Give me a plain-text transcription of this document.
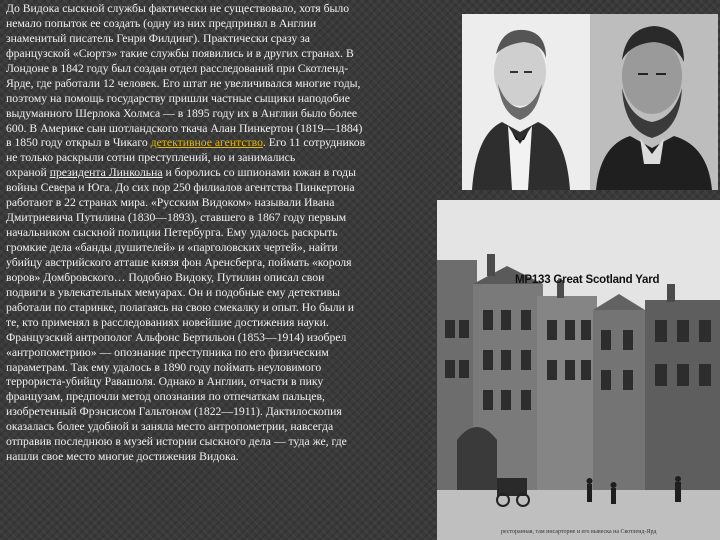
MP133 Great Scotland Yard
ресторанная, там инсарторне и его вывеска на Скотленд-Ярд
До Видока сыскной службы фактически не существовало, хотя было
немало попыток ее создать (одну из них предпринял в Англии
знаменитый писатель Генри Филдинг). Практически сразу за
французской «Сюртэ» такие службы появились и в других странах. В
Лондоне в 1842 году был создан отдел расследований при Скотленд-
Ярде, где работали 12 человек. Его штат не увеличивался многие годы,
поэтому на помощь государству пришли частные сыщики наподобие
выдуманного Шерлока Холмса — в 1895 году их в Англии было более
600. В Америке сын шотландского ткача Алан Пинкертон (1819—1884)
в 1850 году открыл в Чикаго детективное агентство. Его 11 сотрудников
не только раскрыли сотни преступлений, но и занимались
охраной президента Линкольна и боролись со шпионами южан в годы
войны Севера и Юга. До сих пор 250 филиалов агентства Пинкертона
работают в 22 странах мира. «Русским Видоком» называли Ивана
Дмитриевича Путилина (1830—1893), ставшего в 1867 году первым
начальником сыскной полиции Петербурга. Ему удалось раскрыть
громкие дела «банды душителей» и «парголовских чертей», найти
убийцу австрийского атташе князя фон Аренсберга, поймать «короля
воров» Домбровского… Подобно Видоку, Путилин описал свои
подвиги в увлекательных мемуарах. Он и подобные ему детективы
работали по старинке, полагаясь на свою смекалку и опыт. Но были и
те, кто применял в расследованиях новейшие достижения науки.
Французский антрополог Альфонс Бертильон (1853—1914) изобрел
«антропометрию» — опознание преступника по его физическим
параметрам. Так ему удалось в 1890 году поймать неуловимого
террориста-убийцу Равашоля. Однако в Англии, отчасти в пику
французам, предпочли метод опознания по отпечаткам пальцев,
изобретенный Фрэнсисом Гальтоном (1822—1911). Дактилоскопия
оказалась более удобной и заняла место антропометрии, навсегда
отправив последнюю в музей истории сыскного дела — туда же, где
нашли свое место многие достижения Видока.
